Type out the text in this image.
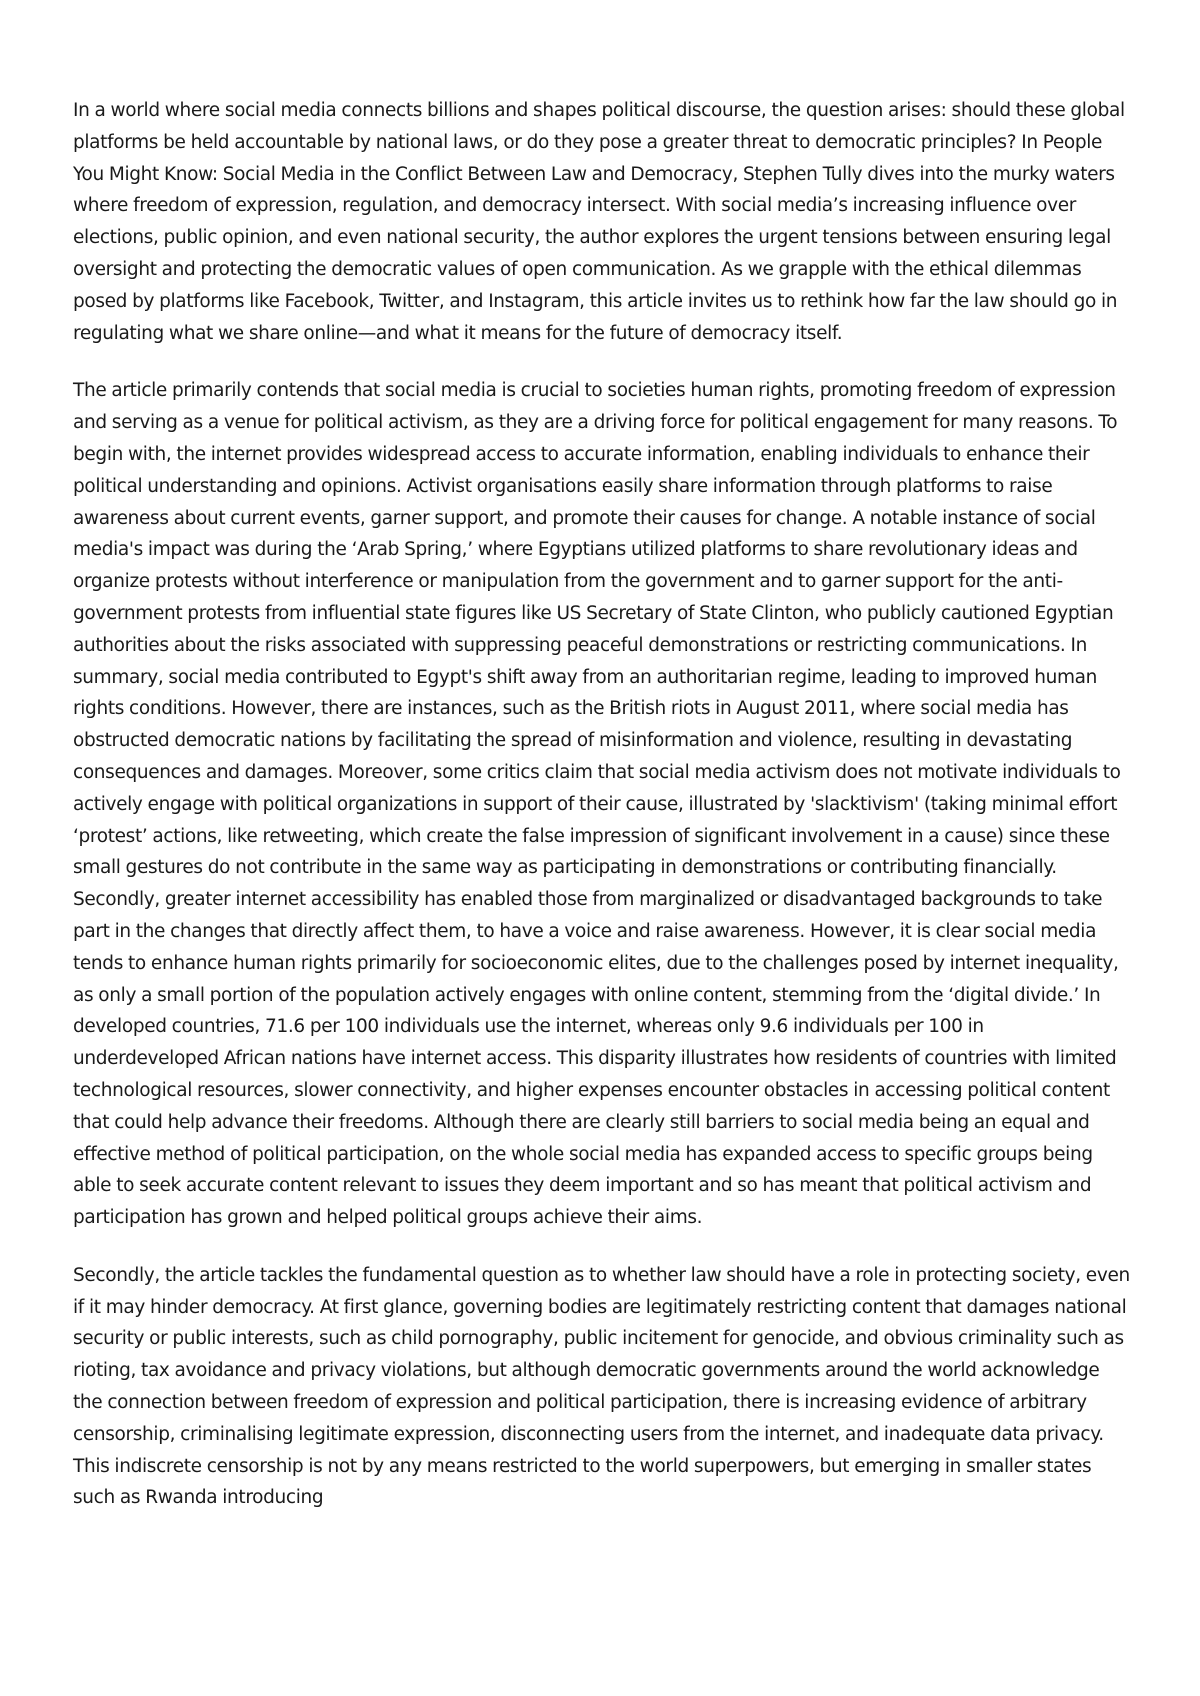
In a world where social media connects billions and shapes political discourse, the question arises: should these global platforms be held accountable by national laws, or do they pose a greater threat to democratic principles? In People You Might Know: Social Media in the Conflict Between Law and Democracy, Stephen Tully dives into the murky waters where freedom of expression, regulation, and democracy intersect. With social media’s increasing influence over elections, public opinion, and even national security, the author explores the urgent tensions between ensuring legal oversight and protecting the democratic values of open communication. As we grapple with the ethical dilemmas posed by platforms like Facebook, Twitter, and Instagram, this article invites us to rethink how far the law should go in regulating what we share online—and what it means for the future of democracy itself.

The article primarily contends that social media is crucial to societies human rights, promoting freedom of expression and serving as a venue for political activism, as they are a driving force for political engagement for many reasons. To begin with, the internet provides widespread access to accurate information, enabling individuals to enhance their political understanding and opinions. Activist organisations easily share information through platforms to raise awareness about current events, garner support, and promote their causes for change. A notable instance of social media's impact was during the ‘Arab Spring,’ where Egyptians utilized platforms to share revolutionary ideas and organize protests without interference or manipulation from the government and to garner support for the anti-government protests from influential state figures like US Secretary of State Clinton, who publicly cautioned Egyptian authorities about the risks associated with suppressing peaceful demonstrations or restricting communications. In summary, social media contributed to Egypt's shift away from an authoritarian regime, leading to improved human rights conditions. However, there are instances, such as the British riots in August 2011, where social media has obstructed democratic nations by facilitating the spread of misinformation and violence, resulting in devastating consequences and damages. Moreover, some critics claim that social media activism does not motivate individuals to actively engage with political organizations in support of their cause, illustrated by 'slacktivism' (taking minimal effort ‘protest’ actions, like retweeting, which create the false impression of significant involvement in a cause) since these small gestures do not contribute in the same way as participating in demonstrations or contributing financially. Secondly, greater internet accessibility has enabled those from marginalized or disadvantaged backgrounds to take part in the changes that directly affect them, to have a voice and raise awareness. However, it is clear social media tends to enhance human rights primarily for socioeconomic elites, due to the challenges posed by internet inequality, as only a small portion of the population actively engages with online content, stemming from the ‘digital divide.’ In developed countries, 71.6 per 100 individuals use the internet, whereas only 9.6 individuals per 100 in underdeveloped African nations have internet access. This disparity illustrates how residents of countries with limited technological resources, slower connectivity, and higher expenses encounter obstacles in accessing political content that could help advance their freedoms. Although there are clearly still barriers to social media being an equal and effective method of political participation, on the whole social media has expanded access to specific groups being able to seek accurate content relevant to issues they deem important and so has meant that political activism and participation has grown and helped political groups achieve their aims.

Secondly, the article tackles the fundamental question as to whether law should have a role in protecting society, even if it may hinder democracy. At first glance, governing bodies are legitimately restricting content that damages national security or public interests, such as child pornography, public incitement for genocide, and obvious criminality such as rioting, tax avoidance and privacy violations, but although democratic governments around the world acknowledge the connection between freedom of expression and political participation, there is increasing evidence of arbitrary censorship, criminalising legitimate expression, disconnecting users from the internet, and inadequate data privacy. This indiscrete censorship is not by any means restricted to the world superpowers, but emerging in smaller states such as Rwanda introducing
